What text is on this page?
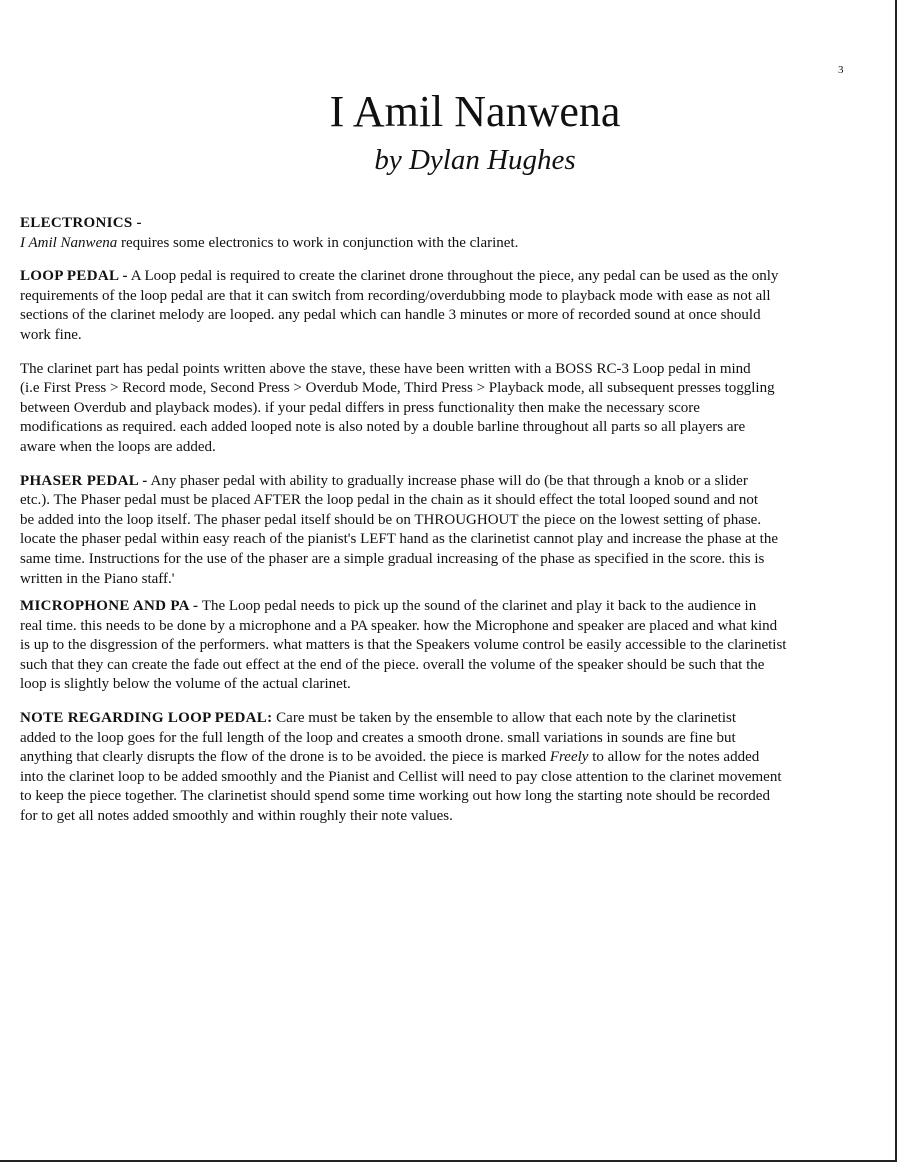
3
I Amil Nanwena
by Dylan Hughes
ELECTRONICS -
I Amil Nanwena requires some electronics to work in conjunction with the clarinet.
LOOP PEDAL - A Loop pedal is required to create the clarinet drone throughout the piece, any pedal can be used as the only
requirements of the loop pedal are that it can switch from recording/overdubbing mode to playback mode with ease as not all
sections of the clarinet melody are looped. any pedal which can handle 3 minutes or more of recorded sound at once should
work fine.
The clarinet part has pedal points written above the stave, these have been written with a BOSS RC-3 Loop pedal in mind
(i.e First Press > Record mode, Second Press > Overdub Mode, Third Press > Playback mode, all subsequent presses toggling
between Overdub and playback modes). if your pedal differs in press functionality then make the necessary score
modifications as required. each added looped note is also noted by a double barline throughout all parts so all players are
aware when the loops are added.
PHASER PEDAL - Any phaser pedal with ability to gradually increase phase will do (be that through a knob or a slider
etc.). The Phaser pedal must be placed AFTER the loop pedal in the chain as it should effect the total looped sound and not
be added into the loop itself. The phaser pedal itself should be on THROUGHOUT the piece on the lowest setting of phase.
locate the phaser pedal within easy reach of the pianist's LEFT hand as the clarinetist cannot play and increase the phase at the
same time. Instructions for the use of the phaser are a simple gradual increasing of the phase as specified in the score. this is
written in the Piano staff.'
MICROPHONE AND PA - The Loop pedal needs to pick up the sound of the clarinet and play it back to the audience in
real time. this needs to be done by a microphone and a PA speaker. how the Microphone and speaker are placed and what kind
is up to the disgression of the performers. what matters is that the Speakers volume control be easily accessible to the clarinetist
such that they can create the fade out effect at the end of the piece. overall the volume of the speaker should be such that the
loop is slightly below the volume of the actual clarinet.
NOTE REGARDING LOOP PEDAL: Care must be taken by the ensemble to allow that each note by the clarinetist
added to the loop goes for the full length of the loop and creates a smooth drone. small variations in sounds are fine but
anything that clearly disrupts the flow of the drone is to be avoided. the piece is marked Freely to allow for the notes added
into the clarinet loop to be added smoothly and the Pianist and Cellist will need to pay close attention to the clarinet movement
to keep the piece together. The clarinetist should spend some time working out how long the starting note should be recorded
for to get all notes added smoothly and within roughly their note values.
